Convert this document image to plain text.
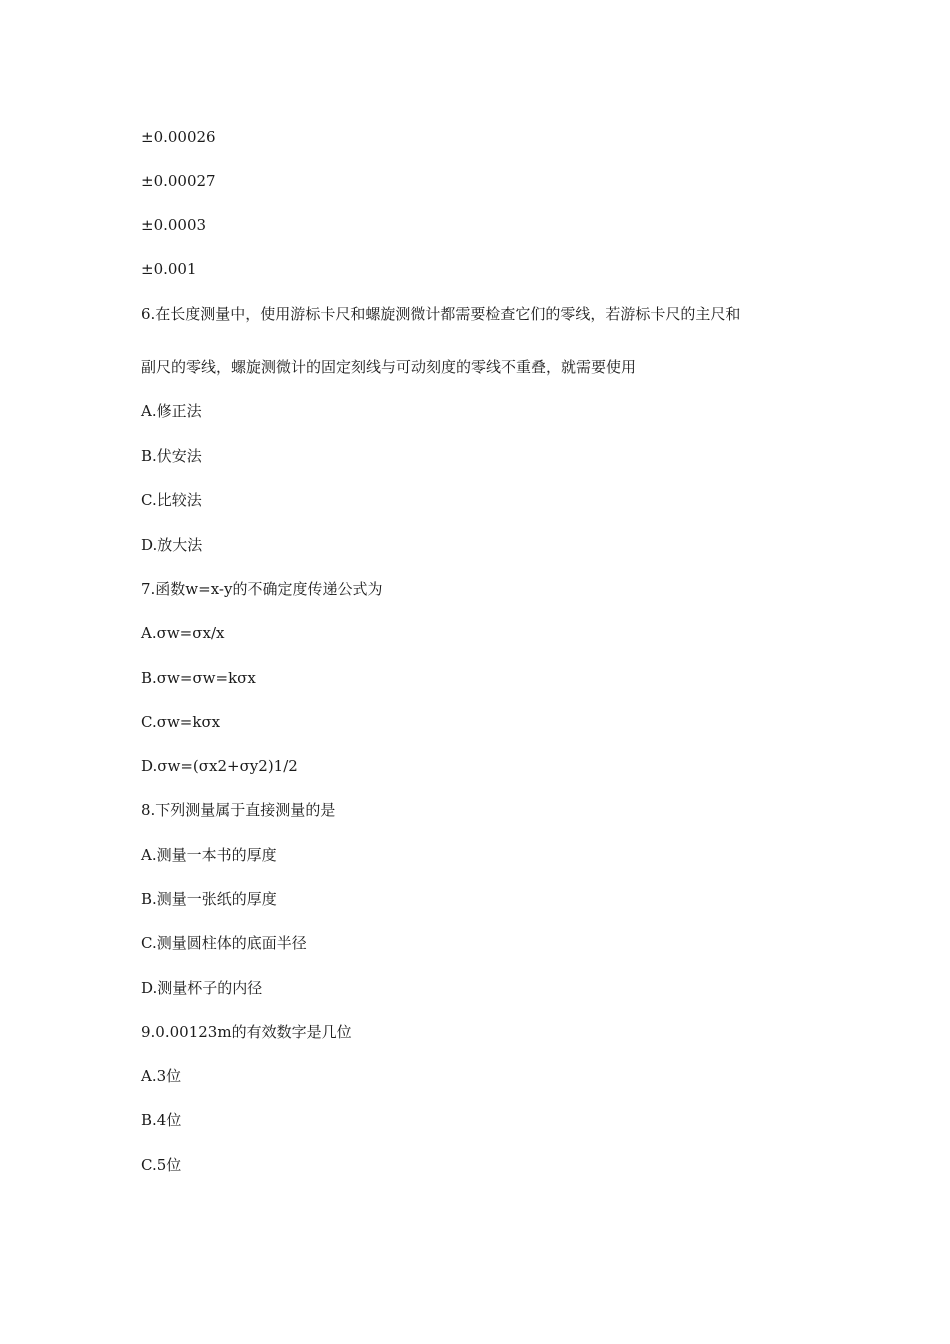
±0.00026
±0.00027
±0.0003
±0.001
6.在长度测量中，使用游标卡尺和螺旋测微计都需要检查它们的零线，若游标卡尺的主尺和
副尺的零线，螺旋测微计的固定刻线与可动刻度的零线不重叠，就需要使用
A.修正法
B.伏安法
C.比较法
D.放大法
7.函数w=x-y的不确定度传递公式为
A.σw=σx/x
B.σw=σw=kσx
C.σw=kσx
D.σw=(σx2+σy2)1/2
8.下列测量属于直接测量的是
A.测量一本书的厚度
B.测量一张纸的厚度
C.测量圆柱体的底面半径
D.测量杯子的内径
9.0.00123m的有效数字是几位
A.3位
B.4位
C.5位
